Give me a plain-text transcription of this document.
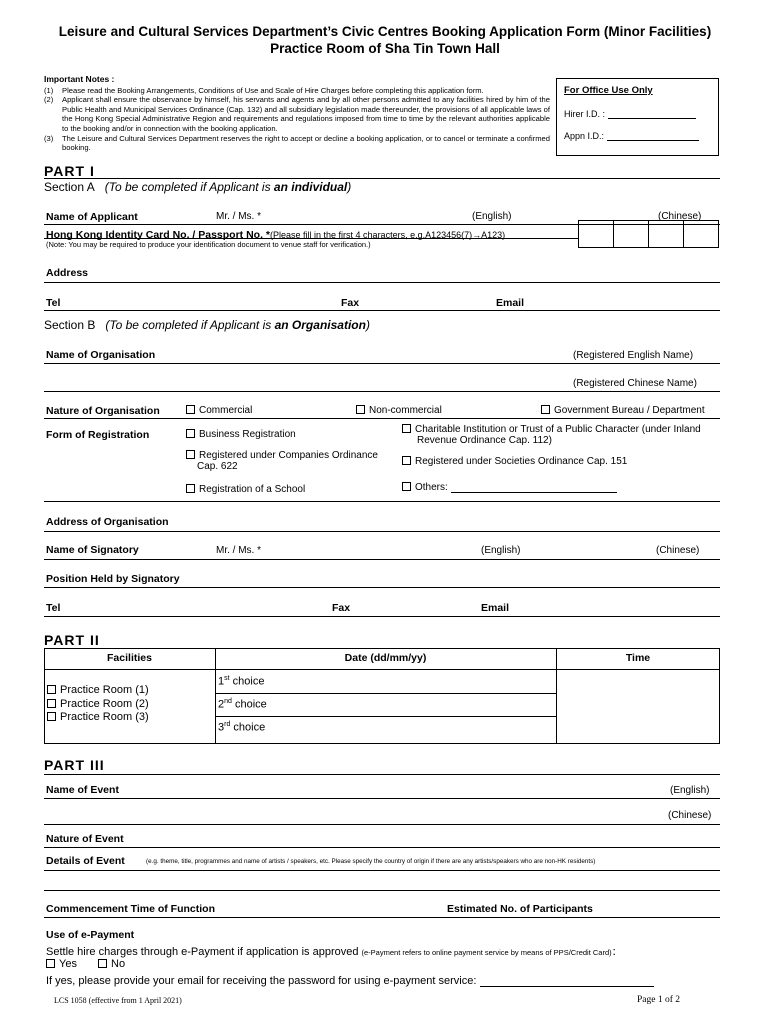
Leisure and Cultural Services Department’s Civic Centres Booking Application Form (Minor Facilities)
Practice Room of Sha Tin Town Hall
Important Notes :
(1)	Please read the Booking Arrangements, Conditions of Use and Scale of Hire Charges before completing this application form.
(2)	Applicant shall ensure the observance by himself, his servants and agents and by all other persons admitted to any facilities hired by him of the Public Health and Municipal Services Ordinance (Cap. 132) and all subsidiary legislation made thereunder, the provisions of all applicable laws of the Hong Kong Special Administrative Region and requirements and regulations imposed from time to time by the relevant authorities applicable to the booking and/or in connection with the booking application.
(3)	The Leisure and Cultural Services Department reserves the right to accept or decline a booking application, or to cancel or terminate a confirmed booking.
For Office Use Only
Hirer I.D. :
Appn I.D.:
PART I
Section A (To be completed if Applicant is an individual)
Name of Applicant	Mr. / Ms. *	(English)	(Chinese)
Hong Kong Identity Card No. / Passport No. *(Please fill in the first 4 characters, e.g.A123456(7)→A123)

(Note: You may be required to produce your identification document to venue staff for verification.)
Address
Tel	Fax	Email
Section B (To be completed if Applicant is an Organisation)
Name of Organisation	(Registered English Name)
(Registered Chinese Name)
Nature of Organisation	Commercial	Non-commercial	Government Bureau / Department
Form of Registration	Business Registration	Charitable Institution or Trust of a Public Character (under Inland
Revenue Ordinance Cap. 112)
Registered under Companies Ordinance
Cap. 622	Registered under Societies Ordinance Cap. 151
Registration of a School	Others:
Address of Organisation
Name of Signatory	Mr. / Ms. *	(English)	(Chinese)
Position Held by Signatory
Tel	Fax	Email
PART II
Facilities	Date (dd/mm/yy)	Time
Practice Room (1)
Practice Room (2)
Practice Room (3)
1st choice
2nd choice
3rd choice
PART III
Name of Event	(English)
(Chinese)
Nature of Event
Details of Event	(e.g. theme, title, programmes and name of artists / speakers, etc. Please specify the country of origin if there are any artists/speakers who are non-HK residents)
Commencement Time of Function	Estimated No. of Participants
Use of e-Payment
Settle hire charges through e-Payment if application is approved (e-Payment refers to online payment service by means of PPS/Credit Card)：
Yes	No
If yes, please provide your email for receiving the password for using e-payment service:
LCS 1058 (effective from 1 April 2021)	Page 1 of 2
